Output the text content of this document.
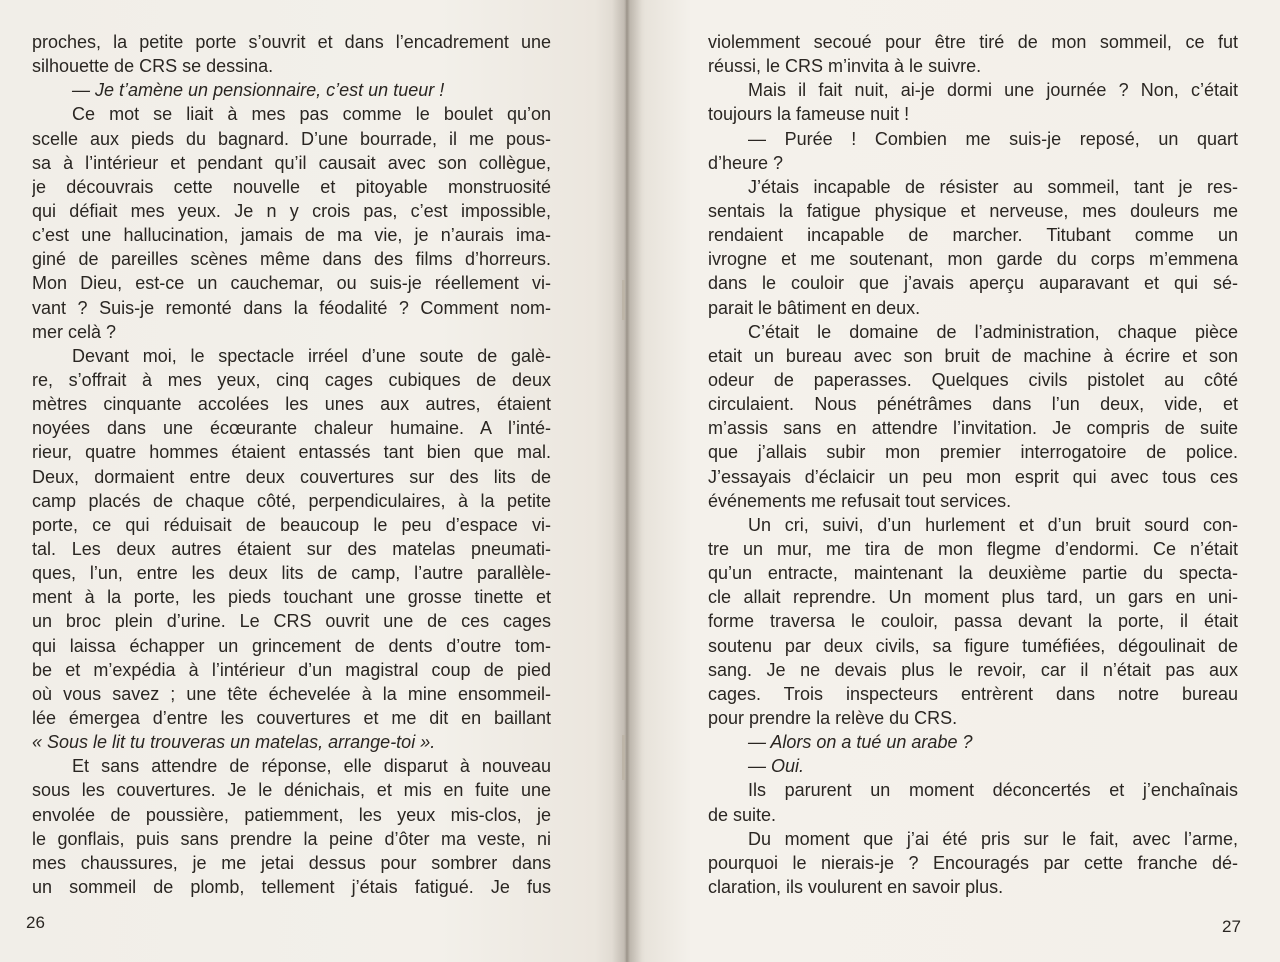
proches, la petite porte s’ouvrit et dans l’encadrement une
silhouette de CRS se dessina.
— Je t’amène un pensionnaire, c’est un tueur !
Ce mot se liait à mes pas comme le boulet qu’on
scelle aux pieds du bagnard. D’une bourrade, il me pous-
sa à l’intérieur et pendant qu’il causait avec son collègue,
je découvrais cette nouvelle et pitoyable monstruosité
qui défiait mes yeux. Je n y crois pas, c’est impossible,
c’est une hallucination, jamais de ma vie, je n’aurais ima-
giné de pareilles scènes même dans des films d’horreurs.
Mon Dieu, est-ce un cauchemar, ou suis-je réellement vi-
vant ? Suis-je remonté dans la féodalité ? Comment nom-
mer celà ?
Devant moi, le spectacle irréel d’une soute de galè-
re, s’offrait à mes yeux, cinq cages cubiques de deux
mètres cinquante accolées les unes aux autres, étaient
noyées dans une écœurante chaleur humaine. A l’inté-
rieur, quatre hommes étaient entassés tant bien que mal.
Deux, dormaient entre deux couvertures sur des lits de
camp placés de chaque côté, perpendiculaires, à la petite
porte, ce qui réduisait de beaucoup le peu d’espace vi-
tal. Les deux autres étaient sur des matelas pneumati-
ques, l’un, entre les deux lits de camp, l’autre parallèle-
ment à la porte, les pieds touchant une grosse tinette et
un broc plein d’urine. Le CRS ouvrit une de ces cages
qui laissa échapper un grincement de dents d’outre tom-
be et m’expédia à l’intérieur d’un magistral coup de pied
où vous savez ; une tête échevelée à la mine ensommeil-
lée émergea d’entre les couvertures et me dit en baillant
« Sous le lit tu trouveras un matelas, arrange-toi ».
Et sans attendre de réponse, elle disparut à nouveau
sous les couvertures. Je le dénichais, et mis en fuite une
envolée de poussière, patiemment, les yeux mis-clos, je
le gonflais, puis sans prendre la peine d’ôter ma veste, ni
mes chaussures, je me jetai dessus pour sombrer dans
un sommeil de plomb, tellement j’étais fatigué. Je fus
26
violemment secoué pour être tiré de mon sommeil, ce fut
réussi, le CRS m’invita à le suivre.
Mais il fait nuit, ai-je dormi une journée ? Non, c’était
toujours la fameuse nuit !
— Purée ! Combien me suis-je reposé, un quart
d’heure ?
J’étais incapable de résister au sommeil, tant je res-
sentais la fatigue physique et nerveuse, mes douleurs me
rendaient incapable de marcher. Titubant comme un
ivrogne et me soutenant, mon garde du corps m’emmena
dans le couloir que j’avais aperçu auparavant et qui sé-
parait le bâtiment en deux.
C’était le domaine de l’administration, chaque pièce
etait un bureau avec son bruit de machine à écrire et son
odeur de paperasses. Quelques civils pistolet au côté
circulaient. Nous pénétrâmes dans l’un deux, vide, et
m’assis sans en attendre l’invitation. Je compris de suite
que j’allais subir mon premier interrogatoire de police.
J’essayais d’éclaicir un peu mon esprit qui avec tous ces
événements me refusait tout services.
Un cri, suivi, d’un hurlement et d’un bruit sourd con-
tre un mur, me tira de mon flegme d’endormi. Ce n’était
qu’un entracte, maintenant la deuxième partie du specta-
cle allait reprendre. Un moment plus tard, un gars en uni-
forme traversa le couloir, passa devant la porte, il était
soutenu par deux civils, sa figure tuméfiées, dégoulinait de
sang. Je ne devais plus le revoir, car il n’était pas aux
cages. Trois inspecteurs entrèrent dans notre bureau
pour prendre la relève du CRS.
— Alors on a tué un arabe ?
— Oui.
Ils parurent un moment déconcertés et j’enchaînais
de suite.
Du moment que j’ai été pris sur le fait, avec l’arme,
pourquoi le nierais-je ? Encouragés par cette franche dé-
claration, ils voulurent en savoir plus.
27
